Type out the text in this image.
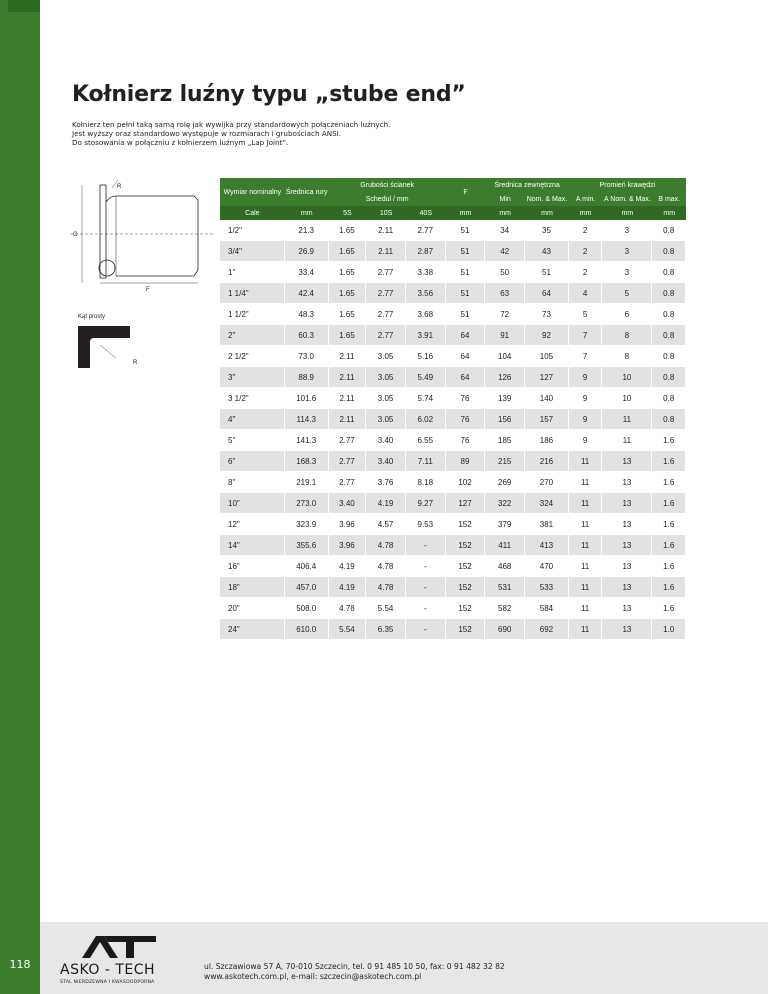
118
Kołnierz luźny typu „stube end”
Kołnierz ten pełni taką samą rolę jak wywijka przy standardowych połączeniach luźnych.
Jest wyższy oraz standardowo występuje w rozmiarach i grubościach ANSI.
Do stosowania w połączniu z kołnierzem luźnym „Lap Joint”.
R
G
F
Kąt prosty
R
Wymiar nominalny	Średnica rury	Grubości ścianek			F	Średnica zewnętrzna		Promień krawędzi		
		Schedul / mm				Min	Nom. & Max.	A min.	A Nom. & Max.	B max.
Cale	mm	5S	10S	40S	mm	mm	mm	mm	mm	mm
1/2"	21.3	1.65	2.11	2.77	51	34	35	2	3	0.8
3/4"	26.9	1.65	2.11	2.87	51	42	43	2	3	0.8
1"	33.4	1.65	2.77	3.38	51	50	51	2	3	0.8
1 1/4"	42.4	1.65	2.77	3.56	51	63	64	4	5	0.8
1 1/2"	48.3	1.65	2.77	3.68	51	72	73	5	6	0.8
2"	60.3	1.65	2.77	3.91	64	91	92	7	8	0.8
2 1/2"	73.0	2.11	3.05	5.16	64	104	105	7	8	0.8
3"	88.9	2.11	3.05	5.49	64	126	127	9	10	0.8
3 1/2"	101.6	2.11	3.05	5.74	76	139	140	9	10	0.8
4"	114.3	2.11	3.05	6.02	76	156	157	9	11	0.8
5"	141.3	2.77	3.40	6.55	76	185	186	9	11	1.6
6"	168.3	2.77	3.40	7.11	89	215	216	11	13	1.6
8"	219.1	2.77	3.76	8.18	102	269	270	11	13	1.6
10"	273.0	3.40	4.19	9.27	127	322	324	11	13	1.6
12"	323.9	3.96	4.57	9.53	152	379	381	11	13	1.6
14"	355.6	3.96	4.78	-	152	411	413	11	13	1.6
16"	406.4	4.19	4.78	-	152	468	470	11	13	1.6
18"	457.0	4.19	4.78	-	152	531	533	11	13	1.6
20"	508.0	4.78	5.54	-	152	582	584	11	13	1.6
24"	610.0	5.54	6.35	-	152	690	692	11	13	1.0
ASKO - TECH
STAL NIERDZEWNA I KWASOODPORNA
ul. Szczawiowa 57 A, 70-010 Szczecin, tel. 0 91 485 10 50, fax: 0 91 482 32 82
www.askotech.com.pl, e-mail: szczecin@askotech.com.pl
